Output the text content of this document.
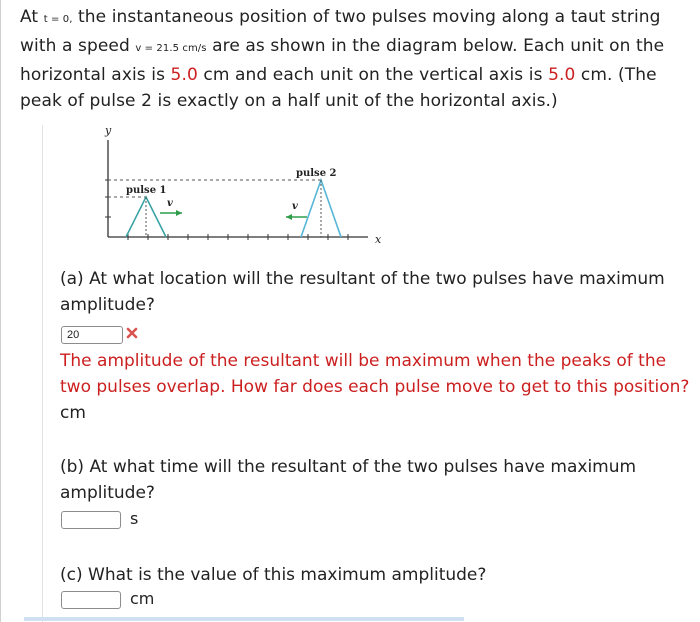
At t = 0, the instantaneous position of two pulses moving along a taut string with a speed v = 21.5 cm/s are as shown in the diagram below. Each unit on the horizontal axis is 5.0 cm and each unit on the vertical axis is 5.0 cm. (The peak of pulse 2 is exactly on a half unit of the horizontal axis.)
y
x
pulse 2
pulse 1
v	v
(a) At what location will the resultant of the two pulses have maximum amplitude?
20
The amplitude of the resultant will be maximum when the peaks of the two pulses overlap. How far does each pulse move to get to this position? cm
(b) At what time will the resultant of the two pulses have maximum amplitude?
s
(c) What is the value of this maximum amplitude?
cm
